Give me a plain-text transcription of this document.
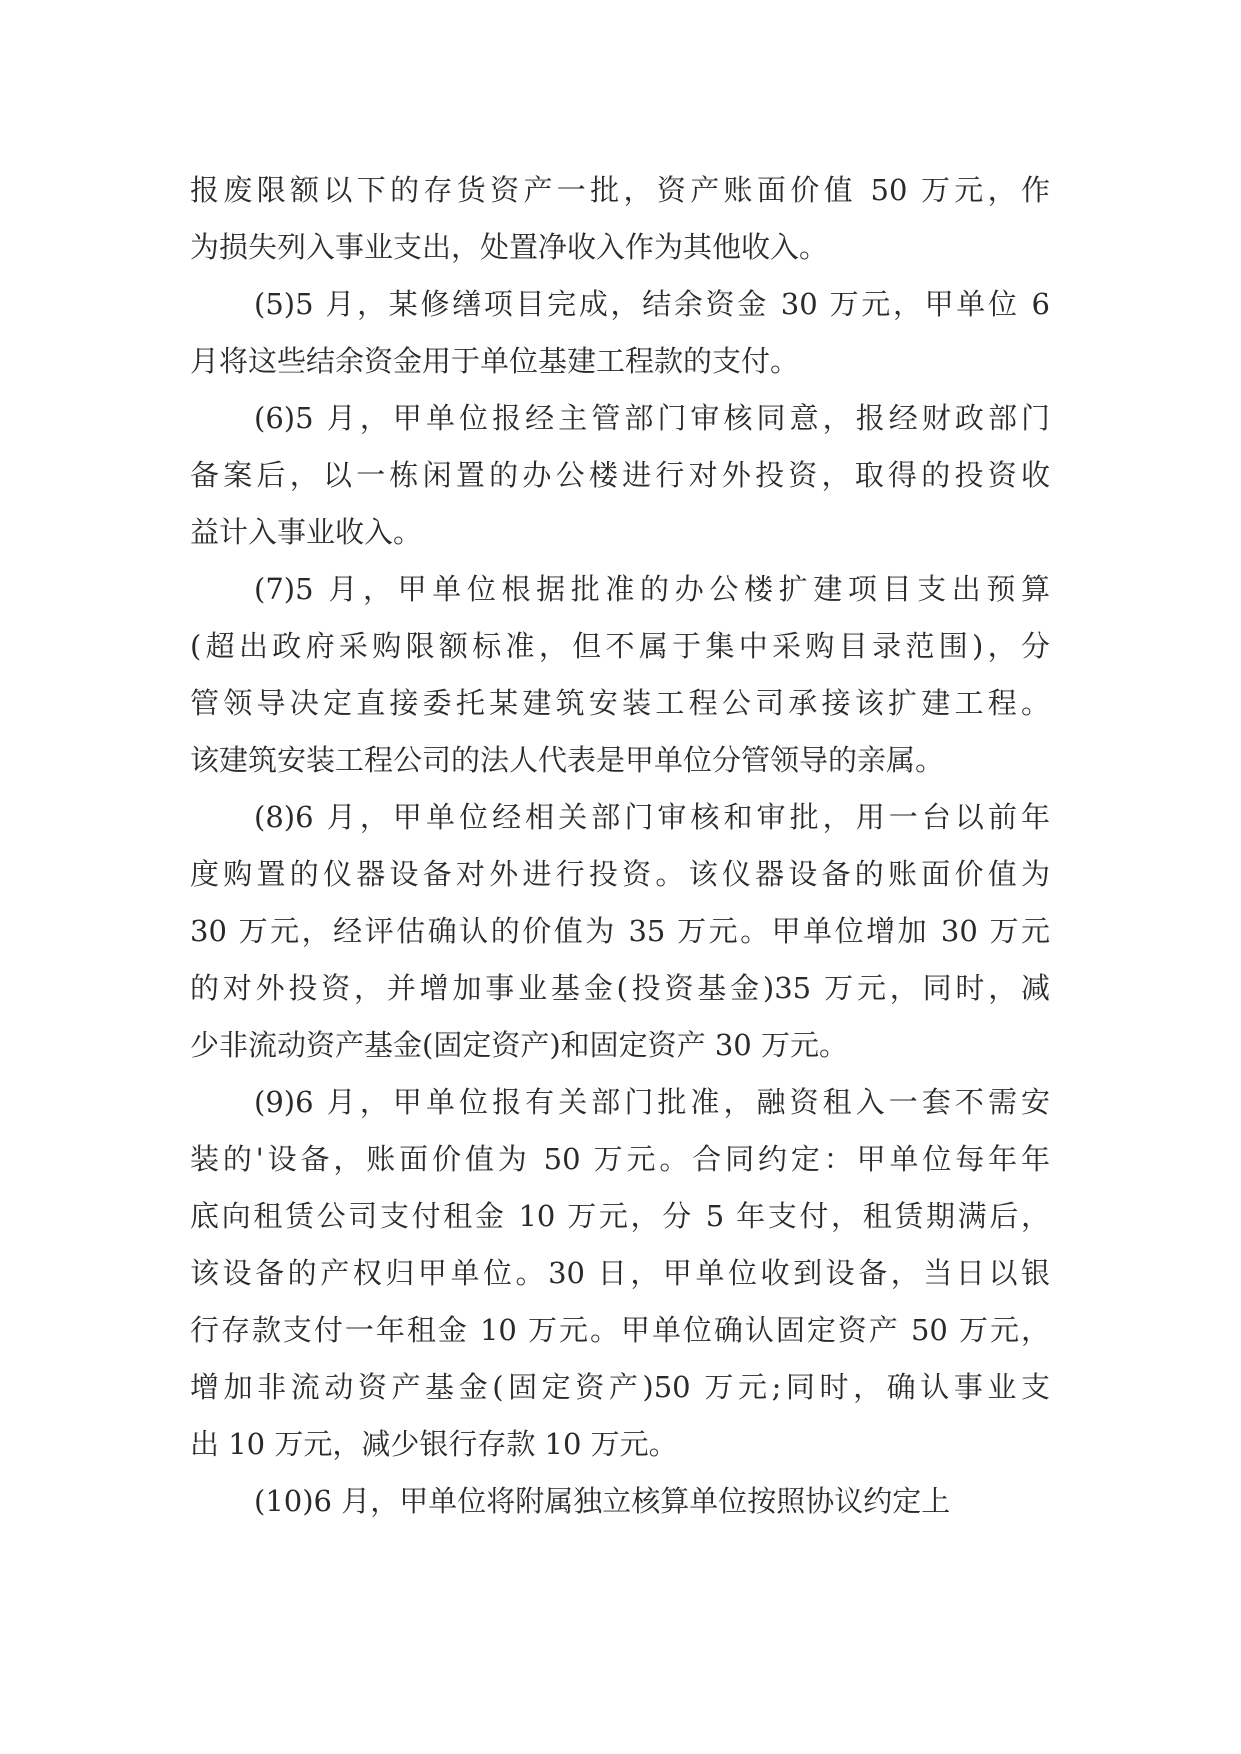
报废限额以下的存货资产一批，资产账面价值 50 万元，作
为损失列入事业支出，处置净收入作为其他收入。
(5)5 月，某修缮项目完成，结余资金 30 万元，甲单位 6
月将这些结余资金用于单位基建工程款的支付。
(6)5 月，甲单位报经主管部门审核同意，报经财政部门
备案后，以一栋闲置的办公楼进行对外投资，取得的投资收
益计入事业收入。
(7)5 月，甲单位根据批准的办公楼扩建项目支出预算
(超出政府采购限额标准，但不属于集中采购目录范围)，分
管领导决定直接委托某建筑安装工程公司承接该扩建工程。
该建筑安装工程公司的法人代表是甲单位分管领导的亲属。
(8)6 月，甲单位经相关部门审核和审批，用一台以前年
度购置的仪器设备对外进行投资。该仪器设备的账面价值为
30 万元，经评估确认的价值为 35 万元。甲单位增加 30 万元
的对外投资，并增加事业基金(投资基金)35 万元，同时，减
少非流动资产基金(固定资产)和固定资产 30 万元。
(9)6 月，甲单位报有关部门批准，融资租入一套不需安
装的'设备，账面价值为 50 万元。合同约定：甲单位每年年
底向租赁公司支付租金 10 万元，分 5 年支付，租赁期满后，
该设备的产权归甲单位。30 日，甲单位收到设备，当日以银
行存款支付一年租金 10 万元。甲单位确认固定资产 50 万元，
增加非流动资产基金(固定资产)50 万元;同时，确认事业支
出 10 万元，减少银行存款 10 万元。
(10)6 月，甲单位将附属独立核算单位按照协议约定上
